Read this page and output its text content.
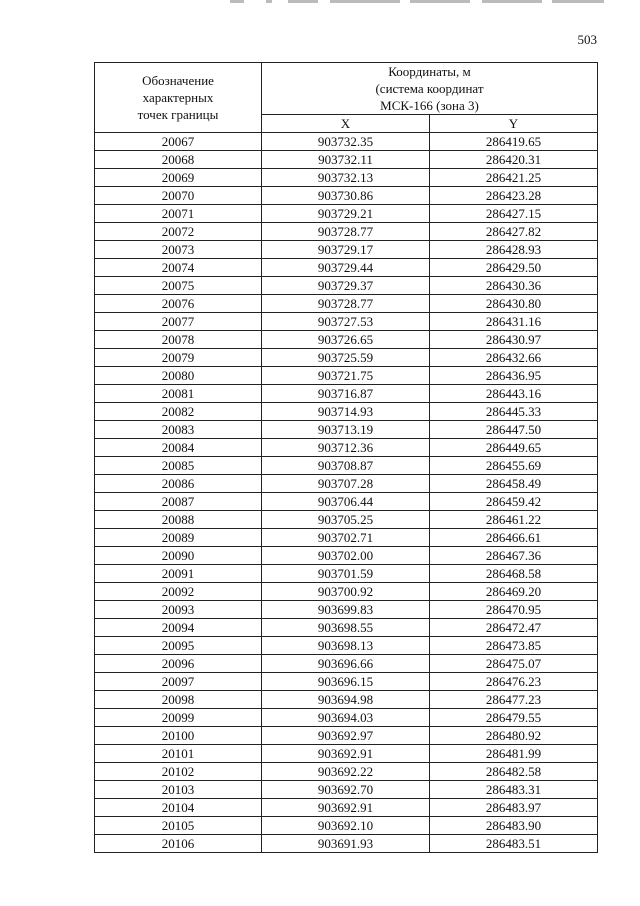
503
Обозначение
характерных
точек границы	Координаты, м
(система координат
МСК-166 (зона 3)	

	X	Y
20067	903732.35	286419.65
20068	903732.11	286420.31
20069	903732.13	286421.25
20070	903730.86	286423.28
20071	903729.21	286427.15
20072	903728.77	286427.82
20073	903729.17	286428.93
20074	903729.44	286429.50
20075	903729.37	286430.36
20076	903728.77	286430.80
20077	903727.53	286431.16
20078	903726.65	286430.97
20079	903725.59	286432.66
20080	903721.75	286436.95
20081	903716.87	286443.16
20082	903714.93	286445.33
20083	903713.19	286447.50
20084	903712.36	286449.65
20085	903708.87	286455.69
20086	903707.28	286458.49
20087	903706.44	286459.42
20088	903705.25	286461.22
20089	903702.71	286466.61
20090	903702.00	286467.36
20091	903701.59	286468.58
20092	903700.92	286469.20
20093	903699.83	286470.95
20094	903698.55	286472.47
20095	903698.13	286473.85
20096	903696.66	286475.07
20097	903696.15	286476.23
20098	903694.98	286477.23
20099	903694.03	286479.55
20100	903692.97	286480.92
20101	903692.91	286481.99
20102	903692.22	286482.58
20103	903692.70	286483.31
20104	903692.91	286483.97
20105	903692.10	286483.90
20106	903691.93	286483.51
